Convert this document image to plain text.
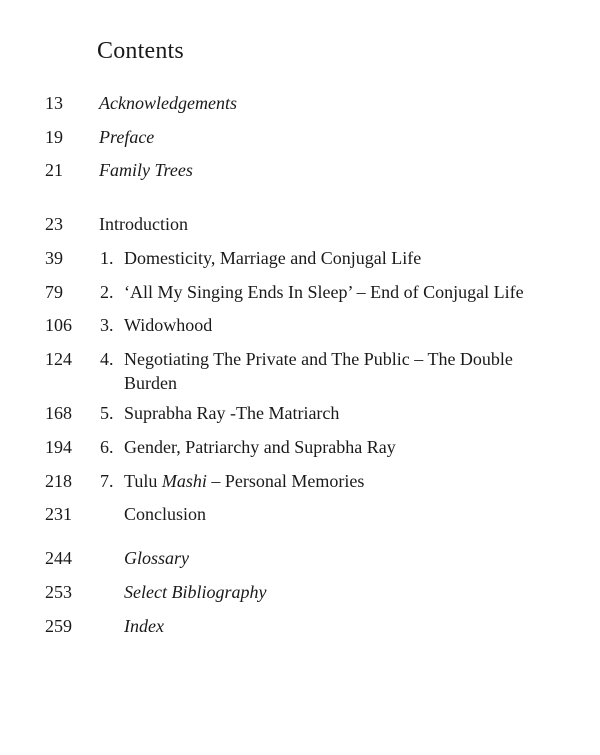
Contents
13 Acknowledgements
19 Preface
21 Family Trees
23 Introduction
39 1. Domesticity, Marriage and Conjugal Life
79 2. ‘All My Singing Ends In Sleep’ – End of Conjugal Life
106 3. Widowhood
124 4. Negotiating The Private and The Public – The Double Burden
168 5. Suprabha Ray -The Matriarch
194 6. Gender, Patriarchy and Suprabha Ray
218 7. Tulu Mashi – Personal Memories
231	Conclusion
244	Glossary
253	Select Bibliography
259	Index
